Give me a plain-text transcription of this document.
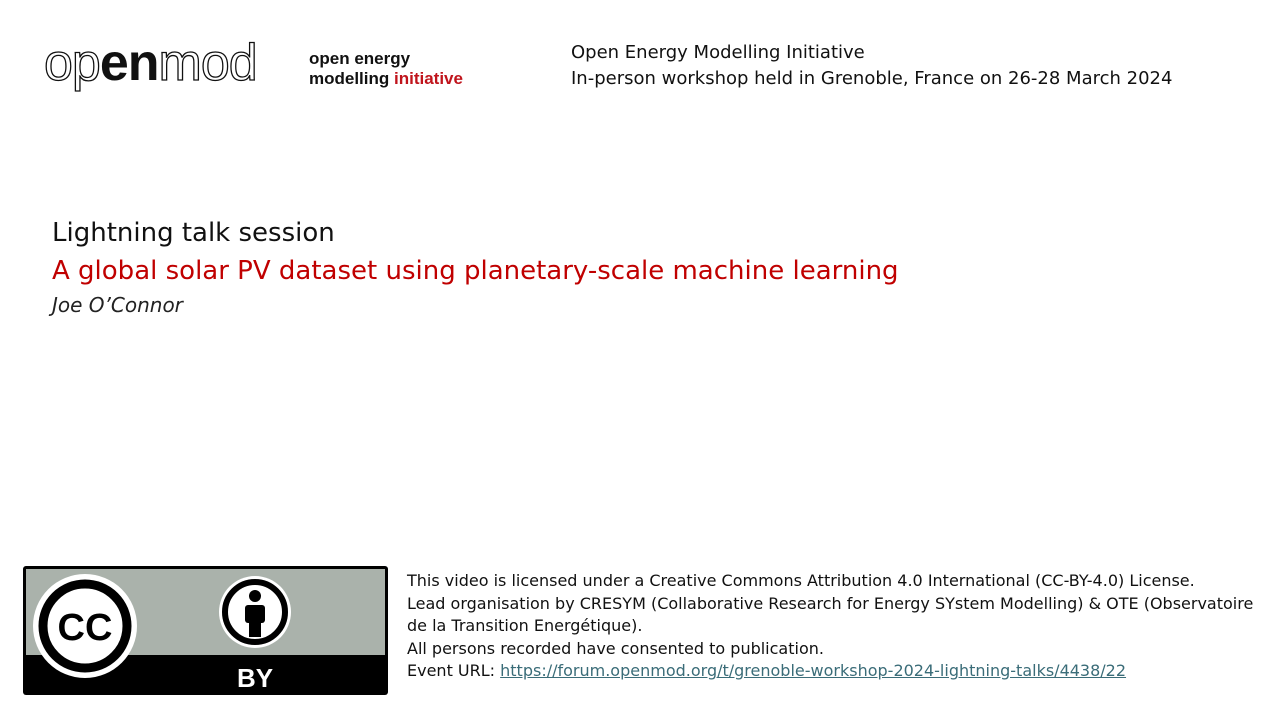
openmod	open energy
modelling initiative
Open Energy Modelling Initiative
In-person workshop held in Grenoble, France on 26-28 March 2024
Lightning talk session
A global solar PV dataset using planetary-scale machine learning
Joe O’Connor
CC
BY
This video is licensed under a Creative Commons Attribution 4.0 International (CC-BY-4.0) License.
Lead organisation by CRESYM (Collaborative Research for Energy SYstem Modelling) & OTE (Observatoire de la Transition Energétique).
All persons recorded have consented to publication.
Event URL: https://forum.openmod.org/t/grenoble-workshop-2024-lightning-talks/4438/22
